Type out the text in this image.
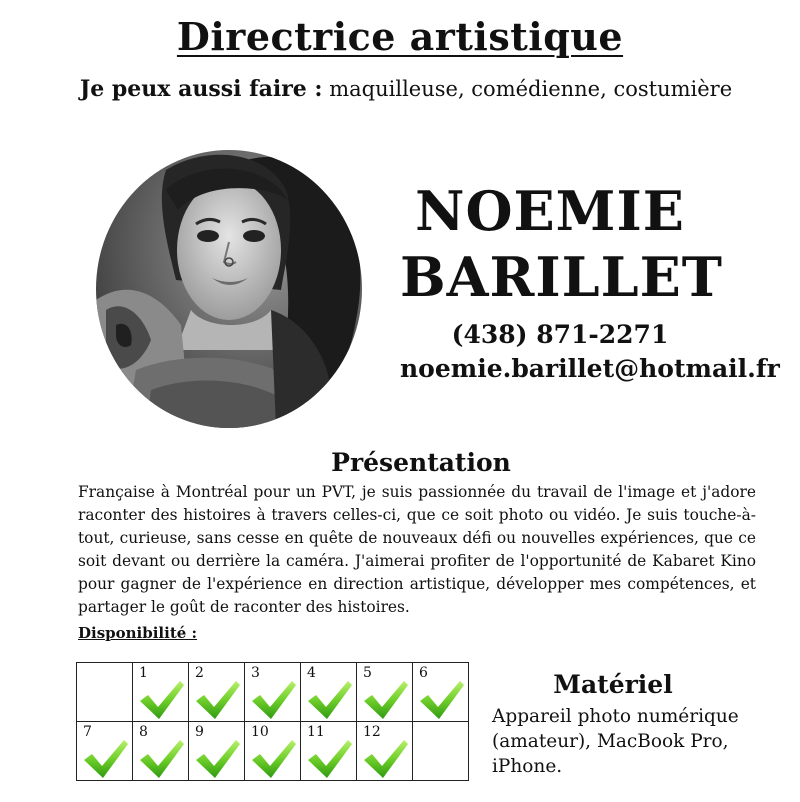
Directrice artistique
Je peux aussi faire : maquilleuse, comédienne, costumière
NOEMIE
BARILLET
(438) 871-2271
noemie.barillet@hotmail.fr
Présentation

Française à Montréal pour un PVT, je suis passionnée du travail de l'image et j'adore raconter des histoires à travers celles-ci, que ce soit photo ou vidéo. Je suis touche-à-tout, curieuse, sans cesse en quête de nouveaux défi ou nouvelles expériences, que ce soit devant ou derrière la caméra. J'aimerai profiter de l'opportunité de Kabaret Kino pour gagner de l'expérience en direction artistique, développer mes compétences, et partager le goût de raconter des histoires.

Disponibilité :

	1	2	3	4	5	6

7	8	9	10	11	12	

Matériel

Appareil photo numérique (amateur), MacBook Pro, iPhone.
